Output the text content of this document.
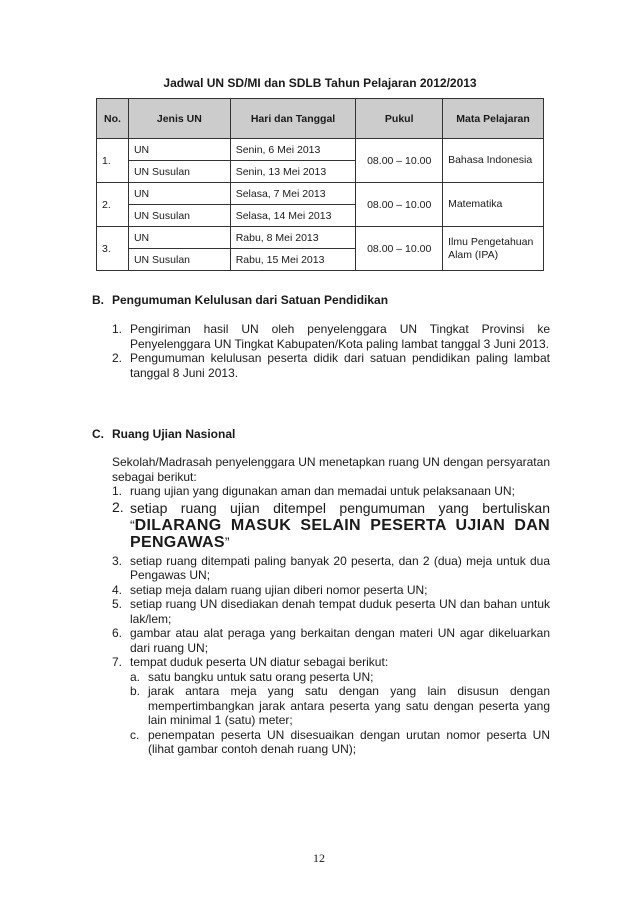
Jadwal UN SD/MI dan SDLB Tahun Pelajaran 2012/2013
No.	Jenis UN	Hari dan Tanggal	Pukul	Mata Pelajaran
1.	UN	Senin, 6 Mei 2013	08.00 – 10.00	Bahasa Indonesia
	UN Susulan	Senin, 13 Mei 2013		
2.	UN	Selasa, 7 Mei 2013	08.00 – 10.00	Matematika
	UN Susulan	Selasa, 14 Mei 2013		
3.	UN	Rabu, 8 Mei 2013	08.00 – 10.00	Ilmu Pengetahuan Alam (IPA)
	UN Susulan	Rabu, 15 Mei 2013		
B. Pengumuman Kelulusan dari Satuan Pendidikan
1. Pengiriman hasil UN oleh penyelenggara UN Tingkat Provinsi ke Penyelenggara UN Tingkat Kabupaten/Kota paling lambat tanggal 3 Juni 2013.
2. Pengumuman kelulusan peserta didik dari satuan pendidikan paling lambat tanggal 8 Juni 2013.
C. Ruang Ujian Nasional
Sekolah/Madrasah penyelenggara UN menetapkan ruang UN dengan persyaratan sebagai berikut:
1. ruang ujian yang digunakan aman dan memadai untuk pelaksanaan UN;
2. setiap ruang ujian ditempel pengumuman yang bertuliskan “DILARANG MASUK SELAIN PESERTA UJIAN DAN PENGAWAS”
3. setiap ruang ditempati paling banyak 20 peserta, dan 2 (dua) meja untuk dua Pengawas UN;
4. setiap meja dalam ruang ujian diberi nomor peserta UN;
5. setiap ruang UN disediakan denah tempat duduk peserta UN dan bahan untuk lak/lem;
6. gambar atau alat peraga yang berkaitan dengan materi UN agar dikeluarkan dari ruang UN;
7. tempat duduk peserta UN diatur sebagai berikut:
a. satu bangku untuk satu orang peserta UN;
b. jarak antara meja yang satu dengan yang lain disusun dengan mempertimbangkan jarak antara peserta yang satu dengan peserta yang lain minimal 1 (satu) meter;
c. penempatan peserta UN disesuaikan dengan urutan nomor peserta UN (lihat gambar contoh denah ruang UN);
12
